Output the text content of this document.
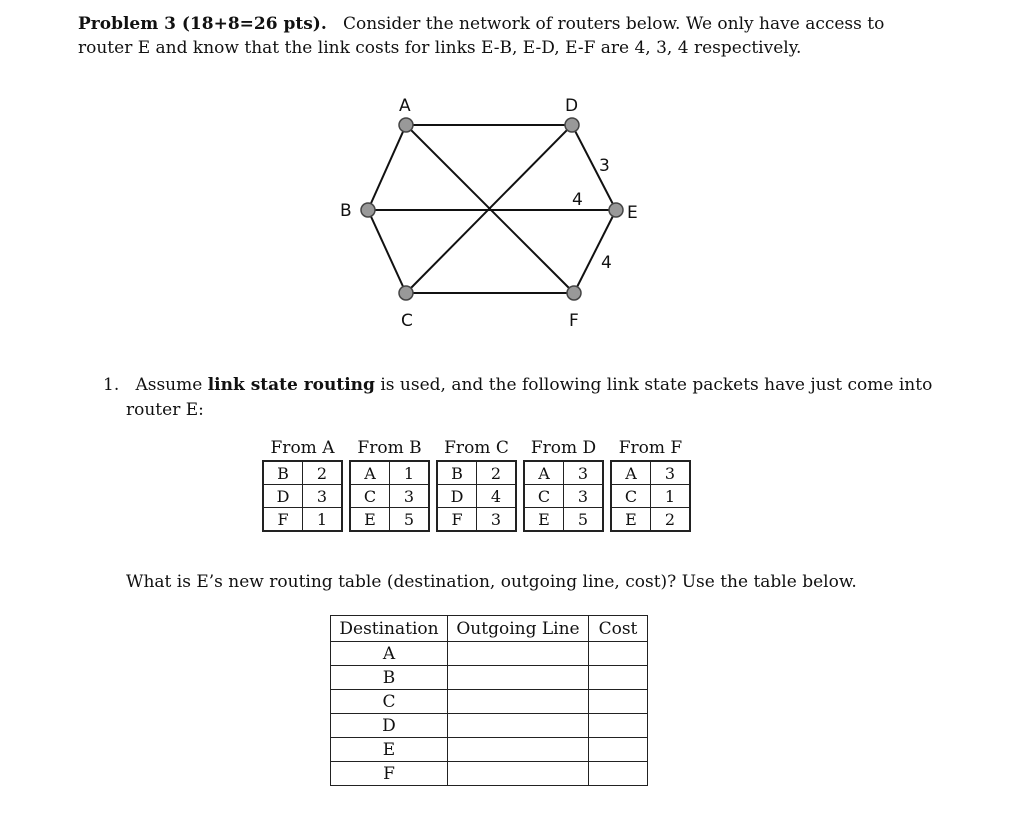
Problem 3 (18+8=26 pts). Consider the network of routers below. We only have access to
router E and know that the link costs for links E-B, E-D, E-F are 4, 3, 4 respectively.
A	D
B	E
C	F
3
4
4
1. Assume link state routing is used, and the following link state packets have just come into
router E:
From A
B	2
D	3
F	1
From B
A	1
C	3
E	5
From C
B	2
D	4
F	3
From D
A	3
C	3
E	5
From F
A	3
C	1
E	2
What is E’s new routing table (destination, outgoing line, cost)? Use the table below.
Destination	Outgoing Line	Cost
A		
B		
C		
D		
E		
F		
